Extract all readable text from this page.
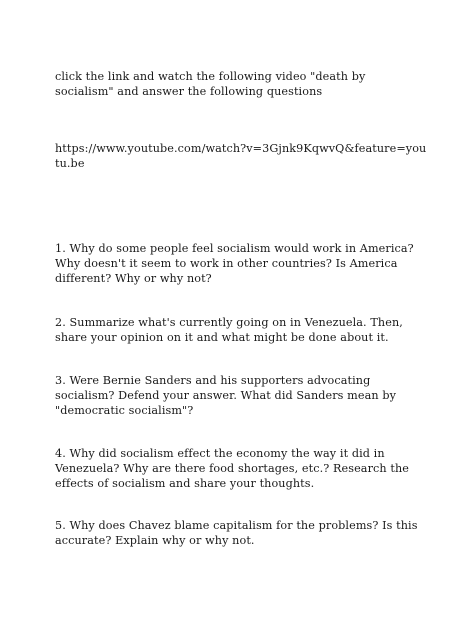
click the link and watch the following video "death by
socialism" and answer the following questions
https://www.youtube.com/watch?v=3Gjnk9KqwvQ&feature=you
tu.be
1. Why do some people feel socialism would work in America?
Why doesn't it seem to work in other countries? Is America
different? Why or why not?
2. Summarize what's currently going on in Venezuela. Then,
share your opinion on it and what might be done about it.
3. Were Bernie Sanders and his supporters advocating
socialism? Defend your answer. What did Sanders mean by
"democratic socialism"?
4. Why did socialism effect the economy the way it did in
Venezuela? Why are there food shortages, etc.? Research the
effects of socialism and share your thoughts.
5. Why does Chavez blame capitalism for the problems? Is this
accurate? Explain why or why not.
